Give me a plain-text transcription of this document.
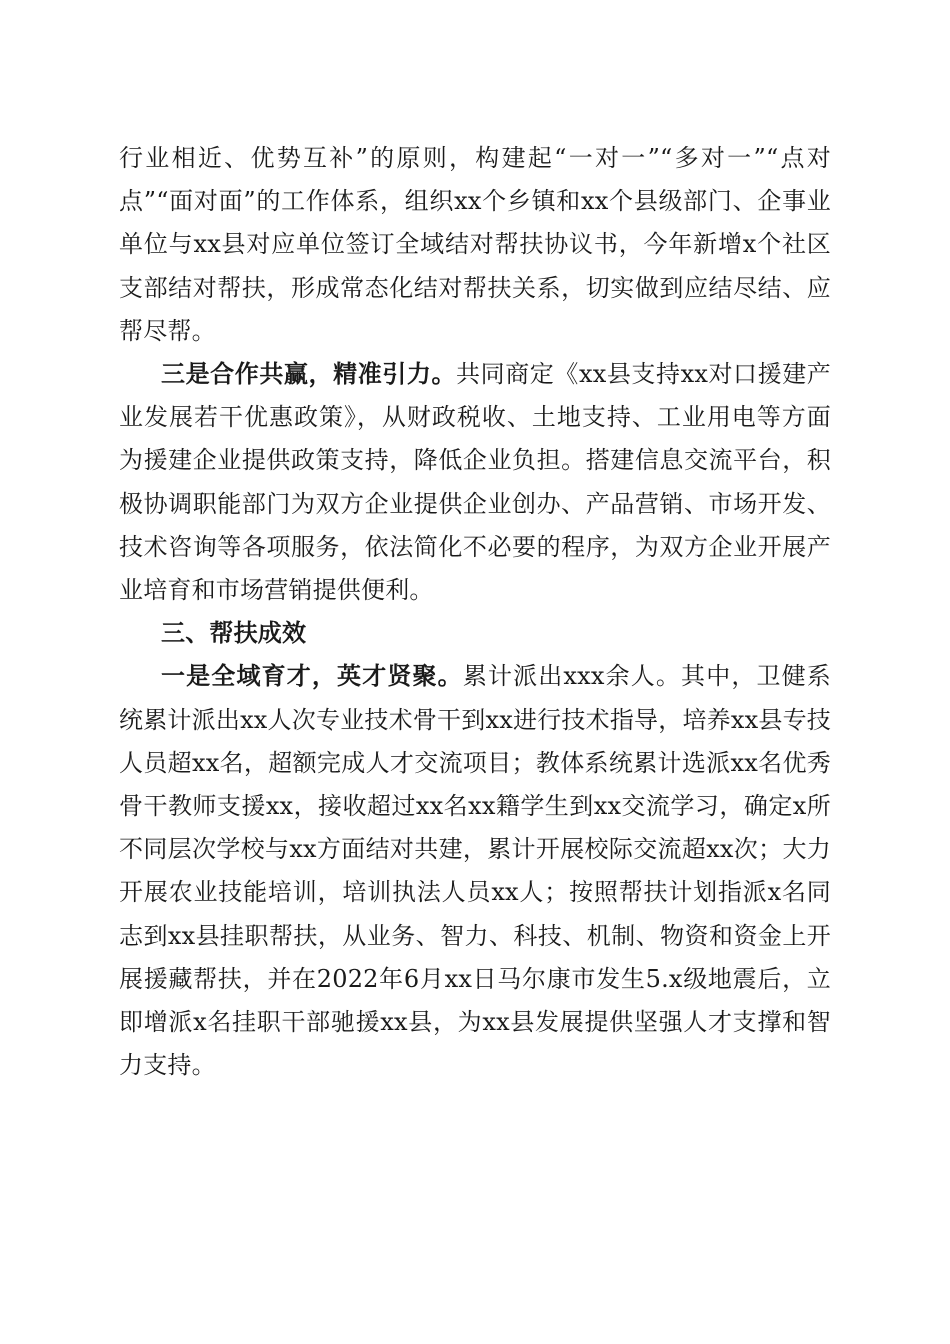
行业相近、优势互补”的原则，构建起“一对一”“多对一”“点对点”“面对面”的工作体系，组织xx个乡镇和xx个县级部门、企事业单位与xx县对应单位签订全域结对帮扶协议书，今年新增x个社区支部结对帮扶，形成常态化结对帮扶关系，切实做到应结尽结、应帮尽帮。

三是合作共赢，精准引力。共同商定《xx县支持xx对口援建产业发展若干优惠政策》，从财政税收、土地支持、工业用电等方面为援建企业提供政策支持，降低企业负担。搭建信息交流平台，积极协调职能部门为双方企业提供企业创办、产品营销、市场开发、技术咨询等各项服务，依法简化不必要的程序，为双方企业开展产业培育和市场营销提供便利。

三、帮扶成效

一是全域育才，英才贤聚。累计派出xxx余人。其中，卫健系统累计派出xx人次专业技术骨干到xx进行技术指导，培养xx县专技人员超xx名，超额完成人才交流项目；教体系统累计选派xx名优秀骨干教师支援xx，接收超过xx名xx籍学生到xx交流学习，确定x所不同层次学校与xx方面结对共建，累计开展校际交流超xx次；大力开展农业技能培训，培训执法人员xx人；按照帮扶计划指派x名同志到xx县挂职帮扶，从业务、智力、科技、机制、物资和资金上开展援藏帮扶，并在2022年6月xx日马尔康市发生5.x级地震后，立即增派x名挂职干部驰援xx县，为xx县发展提供坚强人才支撑和智力支持。
